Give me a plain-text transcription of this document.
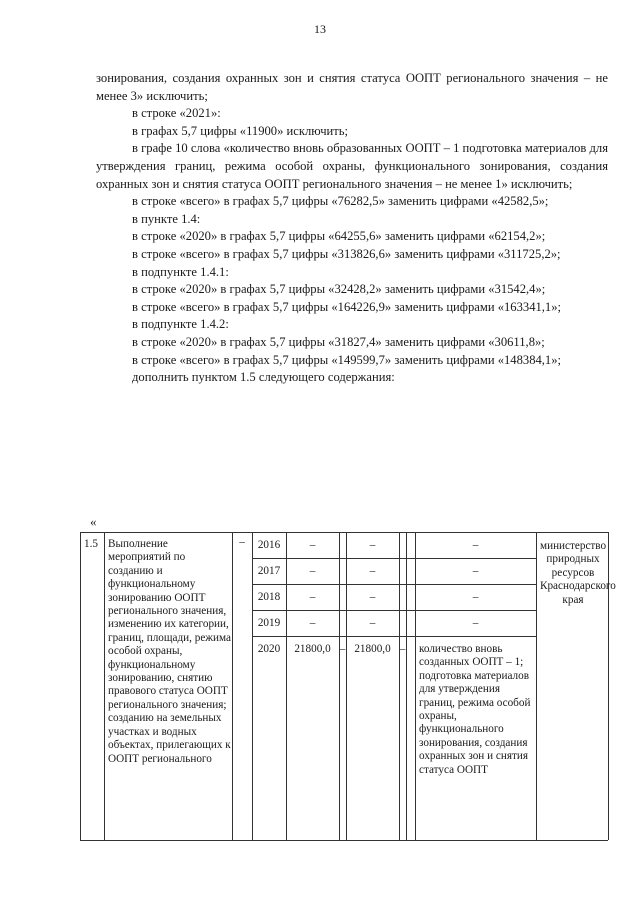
13

зонирования, создания охранных зон и снятия статуса ООПТ регионального значения – не менее 3» исключить;

в строке «2021»:

в графах 5,7 цифры «11900» исключить;

в графе 10 слова «количество вновь образованных ООПТ – 1 подготовка материалов для утверждения границ, режима особой охраны, функционального зонирования, создания охранных зон и снятия статуса ООПТ регионального значения – не менее 1» исключить;

в строке «всего» в графах 5,7 цифры «76282,5» заменить цифрами «42582,5»;

в пункте 1.4:

в строке «2020» в графах 5,7 цифры «64255,6» заменить цифрами «62154,2»;

в строке «всего» в графах 5,7 цифры «313826,6» заменить цифрами «311725,2»;

в подпункте 1.4.1:

в строке «2020» в графах 5,7 цифры «32428,2» заменить цифрами «31542,4»;

в строке «всего» в графах 5,7 цифры «164226,9» заменить цифрами «163341,1»;

в подпункте 1.4.2:

в строке «2020» в графах 5,7 цифры «31827,4» заменить цифрами «30611,8»;

в строке «всего» в графах 5,7 цифры «149599,7» заменить цифрами «148384,1»;

дополнить пунктом 1.5 следующего содержания:

«
1.5 Выполнение мероприятий по созданию и функциональному зонированию ООПТ регионального значения, изменению их категории, границ, площади, режима особой охраны, функциональному зонированию, снятию правового статуса ООПТ регионального значения; созданию на земельных участках и водных объектах, прилегающих к ООПТ регионального
–	2016
2017
2018
2019
2020
–
–
–
–
21800,0 –
–
–
–
–
21800,0 –
–
–
–
–
количество вновь созданных ООПТ – 1; подготовка материалов для утверждения границ, режима особой охраны, функционального зонирования, создания охранных зон и снятия статуса ООПТ
министерство природных ресурсов Краснодарского края
